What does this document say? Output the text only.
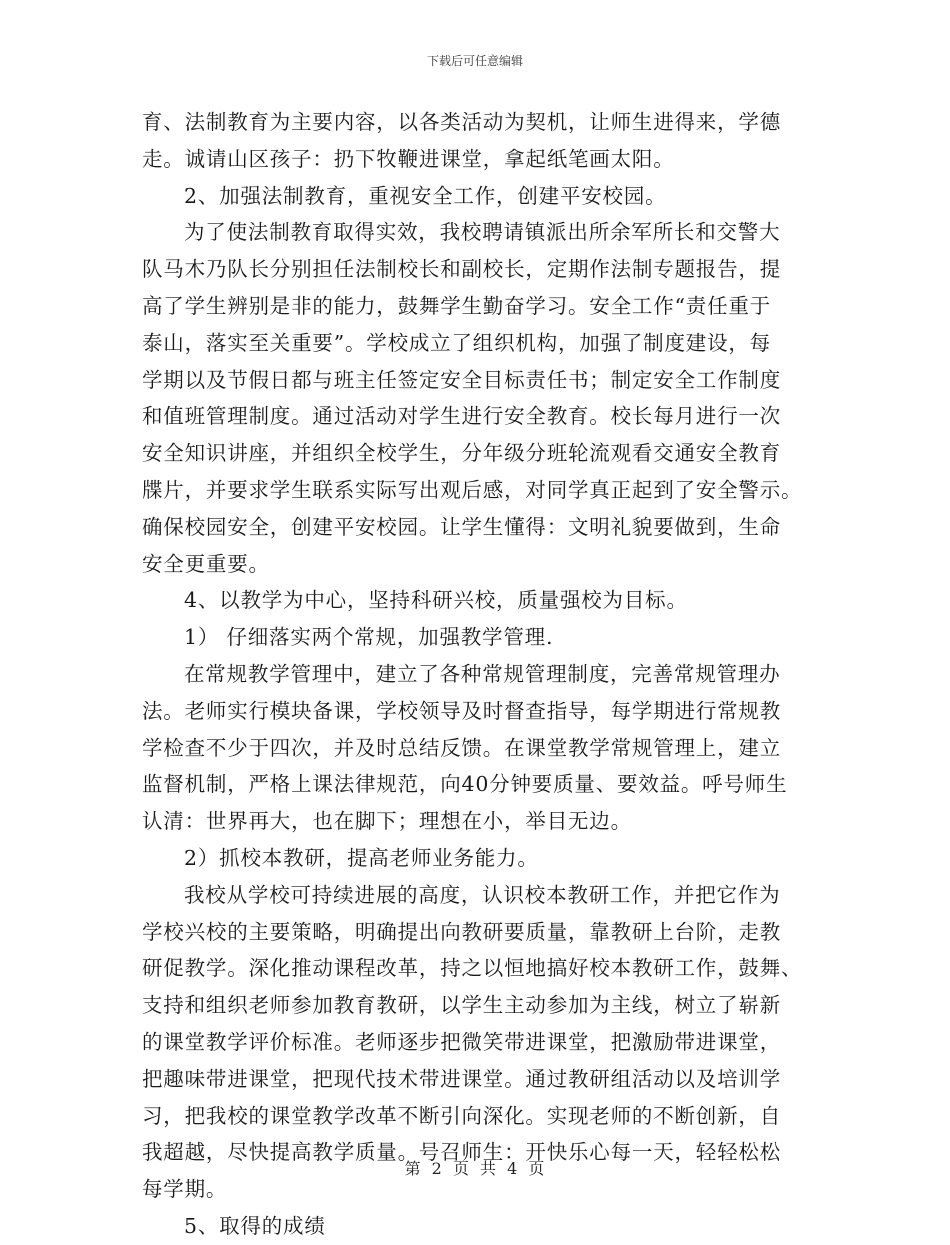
下载后可任意编辑
育、法制教育为主要内容，以各类活动为契机，让师生进得来，学德
走。诚请山区孩子：扔下牧鞭进课堂，拿起纸笔画太阳。
2、加强法制教育，重视安全工作，创建平安校园。
为了使法制教育取得实效，我校聘请镇派出所余军所长和交警大
队马木乃队长分别担任法制校长和副校长，定期作法制专题报告，提
高了学生辨别是非的能力，鼓舞学生勤奋学习。安全工作“责任重于
泰山，落实至关重要”。学校成立了组织机构，加强了制度建设，每
学期以及节假日都与班主任签定安全目标责任书；制定安全工作制度
和值班管理制度。通过活动对学生进行安全教育。校长每月进行一次
安全知识讲座，并组织全校学生，分年级分班轮流观看交通安全教育
牒片，并要求学生联系实际写出观后感，对同学真正起到了安全警示。
确保校园安全，创建平安校园。让学生懂得：文明礼貌要做到，生命
安全更重要。
4、以教学为中心，坚持科研兴校，质量强校为目标。
1） 仔细落实两个常规，加强教学管理.
在常规教学管理中，建立了各种常规管理制度，完善常规管理办
法。老师实行模块备课，学校领导及时督查指导，每学期进行常规教
学检查不少于四次，并及时总结反馈。在课堂教学常规管理上，建立
监督机制，严格上课法律规范，向40分钟要质量、要效益。呼号师生
认清：世界再大，也在脚下；理想在小，举目无边。
2）抓校本教研，提高老师业务能力。
我校从学校可持续进展的高度，认识校本教研工作，并把它作为
学校兴校的主要策略，明确提出向教研要质量，靠教研上台阶，走教
研促教学。深化推动课程改革，持之以恒地搞好校本教研工作，鼓舞、
支持和组织老师参加教育教研，以学生主动参加为主线，树立了崭新
的课堂教学评价标准。老师逐步把微笑带进课堂，把激励带进课堂，
把趣味带进课堂，把现代技术带进课堂。通过教研组活动以及培训学
习，把我校的课堂教学改革不断引向深化。实现老师的不断创新，自
我超越，尽快提高教学质量。号召师生：开快乐心每一天，轻轻松松
每学期。
5、取得的成绩
第 2 页 共 4 页
